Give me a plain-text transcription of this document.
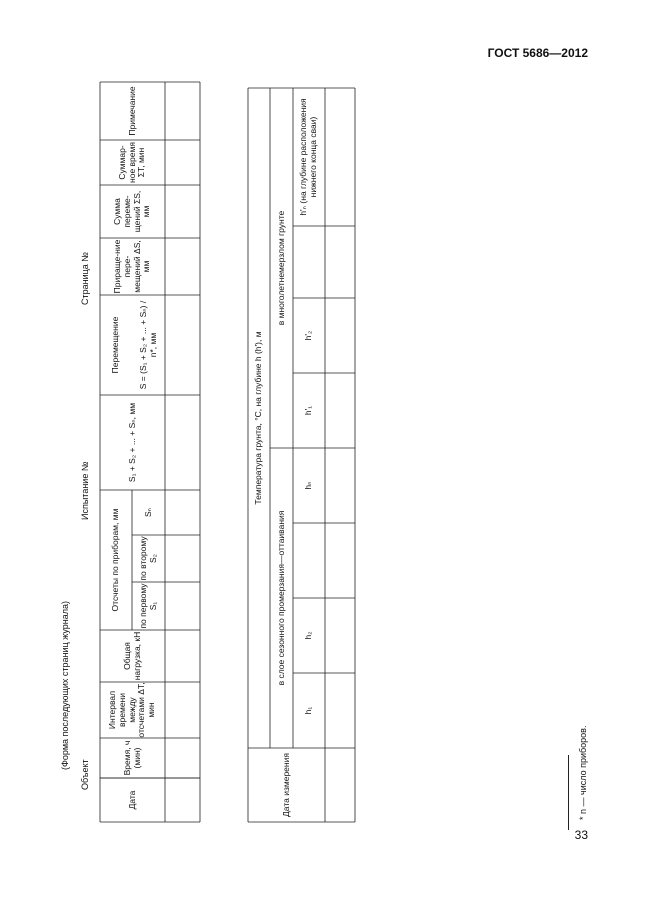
ГОСТ 5686—2012
33
(Форма последующих страниц журнала)
Объект
Испытание №
Страница №
Дата
Время, ч (мин)
Интервал времени между отсчетами ΔT, мин
Общая нагрузка, кН
Отсчеты по приборам, мм	по первому S₁
по второму S₂
Sₙ
S₁ + S₂ + ... + Sₙ, мм
Перемещение	S = (S₁ + S₂ + ... + Sₙ) / n*, мм
Прираще-ние пере-мещений ΔS, мм
Сумма переме-щений ΣS, мм
Суммар-ное время ΣT, мин
Примечание
Дата измерения
Температура грунта, °С, на глубине h (h'), м
в слое сезонного промерзания—оттаивания
в многолетнемерзлом грунте
h₁
h₂
hₙ
h'₁
h'₂
h'ₙ (на глубине расположения нижнего конца сваи)
* n — число приборов.
